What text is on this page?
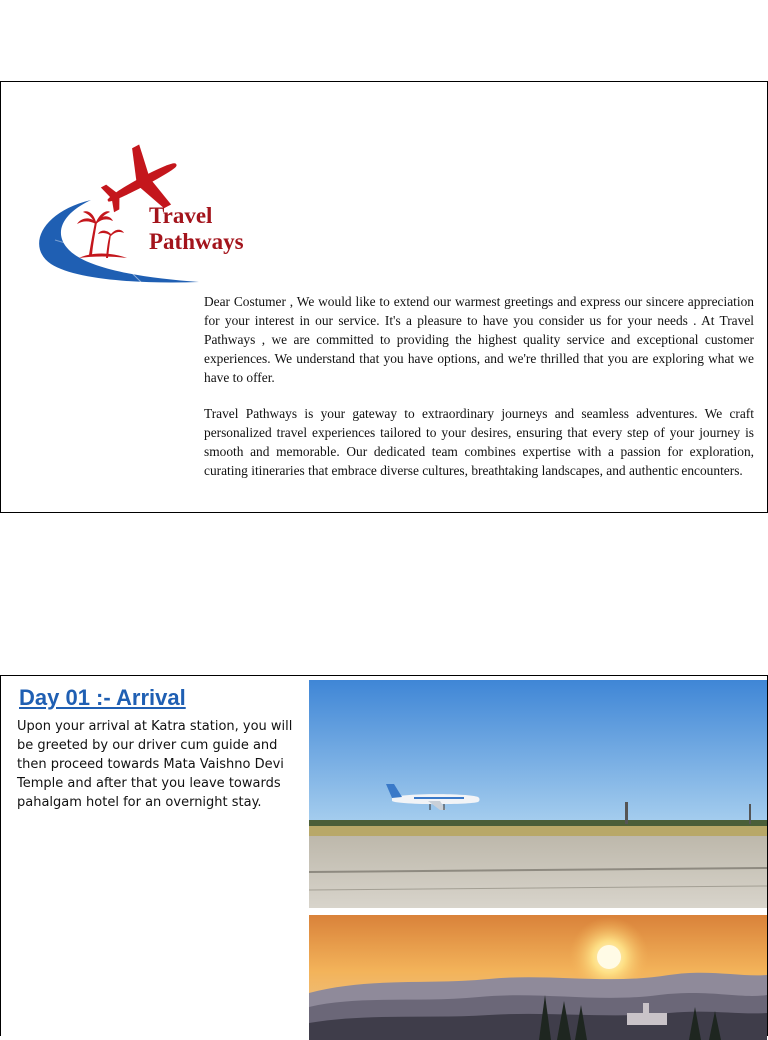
Travel
Pathways

Dear Costumer , We would like to extend our warmest greetings and express our sincere appreciation for your interest in our service. It's a pleasure to have you consider us for your needs . At Travel Pathways , we are committed to providing the highest quality service and exceptional customer experiences. We understand that you have options, and we're thrilled that you are exploring what we have to offer.

Travel Pathways is your gateway to extraordinary journeys and seamless adventures. We craft personalized travel experiences tailored to your desires, ensuring that every step of your journey is smooth and memorable. Our dedicated team combines expertise with a passion for exploration, curating itineraries that embrace diverse cultures, breathtaking landscapes, and authentic encounters.

Day 01 :- Arrival

Upon your arrival at Katra station, you will be greeted by our driver cum guide and then proceed towards Mata Vaishno Devi Temple and after that you leave towards pahalgam hotel for an overnight stay.
